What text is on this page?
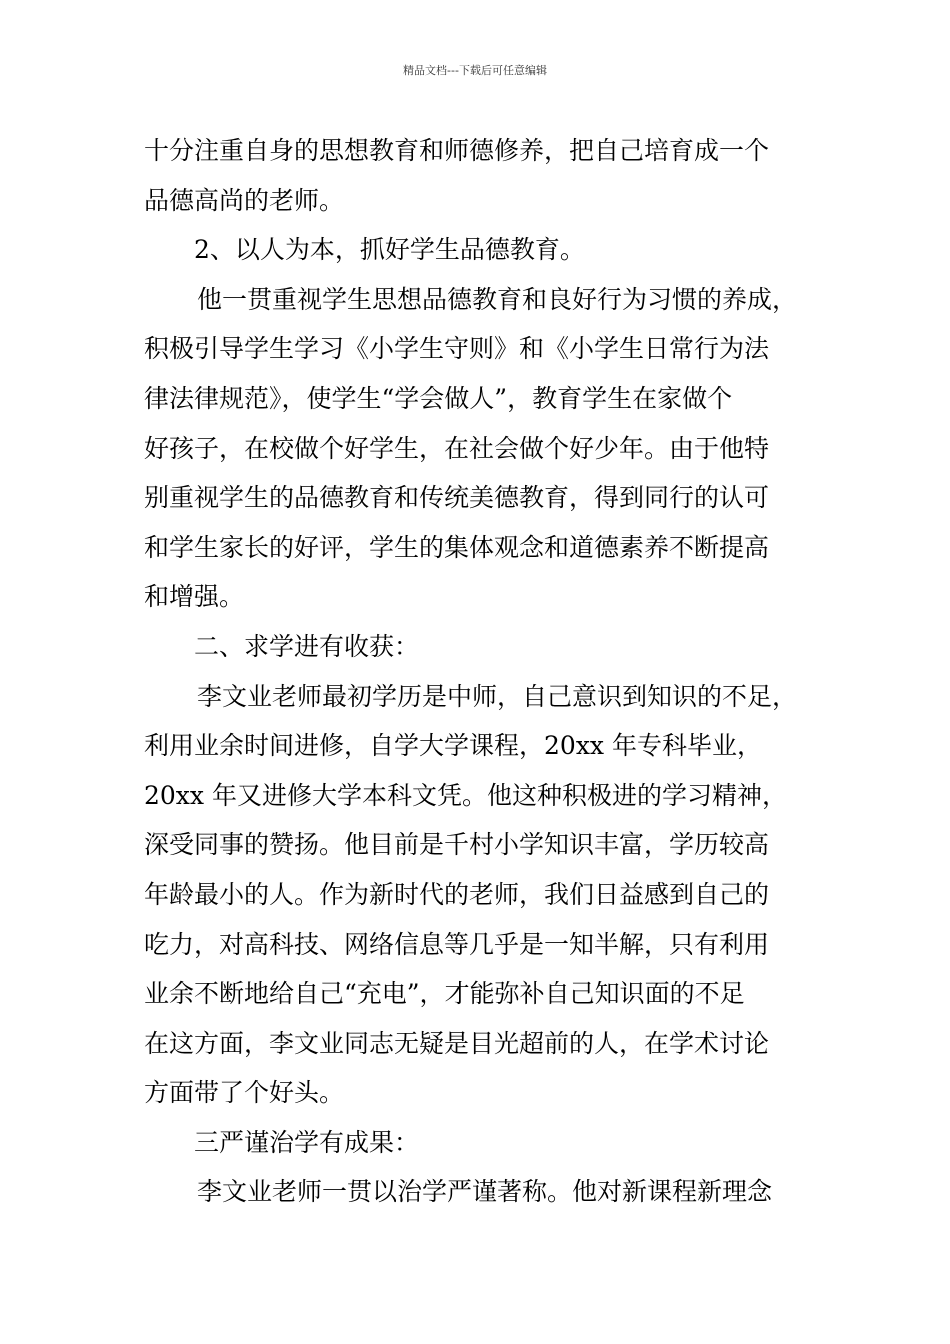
精品文档---下载后可任意编辑
十分注重自身的思想教育和师德修养，把自己培育成一个
品德高尚的老师。
2、以人为本，抓好学生品德教育。
他一贯重视学生思想品德教育和良好行为习惯的养成，
积极引导学生学习《小学生守则》和《小学生日常行为法
律法律规范》，使学生“学会做人”，教育学生在家做个
好孩子，在校做个好学生，在社会做个好少年。由于他特
别重视学生的品德教育和传统美德教育，得到同行的认可
和学生家长的好评，学生的集体观念和道德素养不断提高
和增强。
二、求学进有收获：
李文业老师最初学历是中师，自己意识到知识的不足，
利用业余时间进修，自学大学课程，20xx 年专科毕业，
20xx 年又进修大学本科文凭。他这种积极进的学习精神，
深受同事的赞扬。他目前是千村小学知识丰富，学历较高
年龄最小的人。作为新时代的老师，我们日益感到自己的
吃力，对高科技、网络信息等几乎是一知半解，只有利用
业余不断地给自己“充电”，才能弥补自己知识面的不足
在这方面，李文业同志无疑是目光超前的人，在学术讨论
方面带了个好头。
三严谨治学有成果：
李文业老师一贯以治学严谨著称。他对新课程新理念
